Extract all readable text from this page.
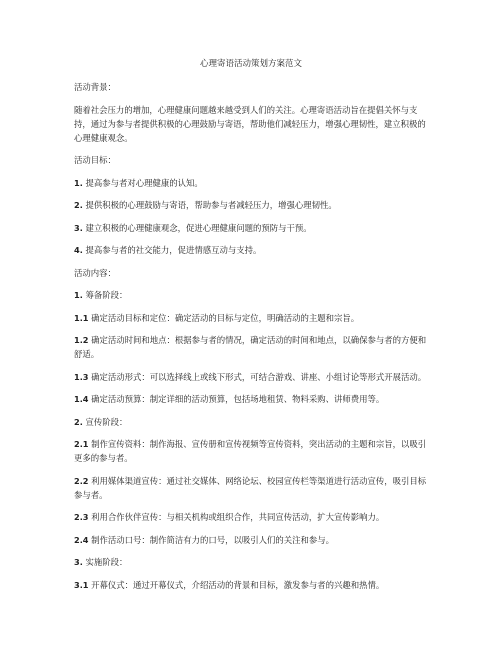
心理寄语活动策划方案范文
活动背景：
随着社会压力的增加，心理健康问题越来越受到人们的关注。心理寄语活动旨在提倡关怀与支持，通过为参与者提供积极的心理鼓励与寄语，帮助他们减轻压力，增强心理韧性，建立积极的心理健康观念。
活动目标：
1. 提高参与者对心理健康的认知。
2. 提供积极的心理鼓励与寄语，帮助参与者减轻压力，增强心理韧性。
3. 建立积极的心理健康观念，促进心理健康问题的预防与干预。
4. 提高参与者的社交能力，促进情感互动与支持。
活动内容：
1. 筹备阶段：
1.1 确定活动目标和定位：确定活动的目标与定位，明确活动的主题和宗旨。
1.2 确定活动时间和地点：根据参与者的情况，确定活动的时间和地点，以确保参与者的方便和舒适。
1.3 确定活动形式：可以选择线上或线下形式，可结合游戏、讲座、小组讨论等形式开展活动。
1.4 确定活动预算：制定详细的活动预算，包括场地租赁、物料采购、讲师费用等。
2. 宣传阶段：
2.1 制作宣传资料：制作海报、宣传册和宣传视频等宣传资料，突出活动的主题和宗旨，以吸引更多的参与者。
2.2 利用媒体渠道宣传：通过社交媒体、网络论坛、校园宣传栏等渠道进行活动宣传，吸引目标参与者。
2.3 利用合作伙伴宣传：与相关机构或组织合作，共同宣传活动，扩大宣传影响力。
2.4 制作活动口号：制作简洁有力的口号，以吸引人们的关注和参与。
3. 实施阶段：
3.1 开幕仪式：通过开幕仪式，介绍活动的背景和目标，激发参与者的兴趣和热情。
